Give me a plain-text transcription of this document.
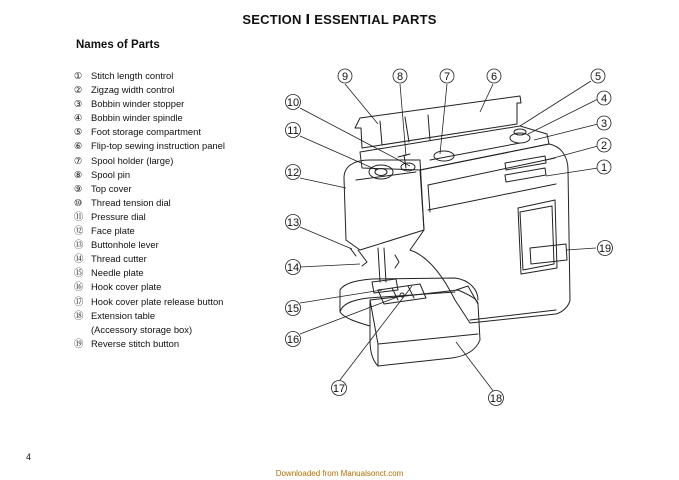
SECTION Ⅰ ESSENTIAL PARTS
Names of Parts
① Stitch length control
② Zigzag width control
③ Bobbin winder stopper
④ Bobbin winder spindle
⑤ Foot storage compartment
⑥ Flip-top sewing instruction panel
⑦ Spool holder (large)
⑧ Spool pin
⑨ Top cover
⑩ Thread tension dial
⑪ Pressure dial
⑫ Face plate
⑬ Buttonhole lever
⑭ Thread cutter
⑮ Needle plate
⑯ Hook cover plate
⑰ Hook cover plate release button
⑱ Extension table
(Accessory storage box)
⑲ Reverse stitch button
1
2
3
4
5
6
7
8
9
10
11
12
13
14
15
16
17
18
19
4
Downloaded from Manualsonct.com
